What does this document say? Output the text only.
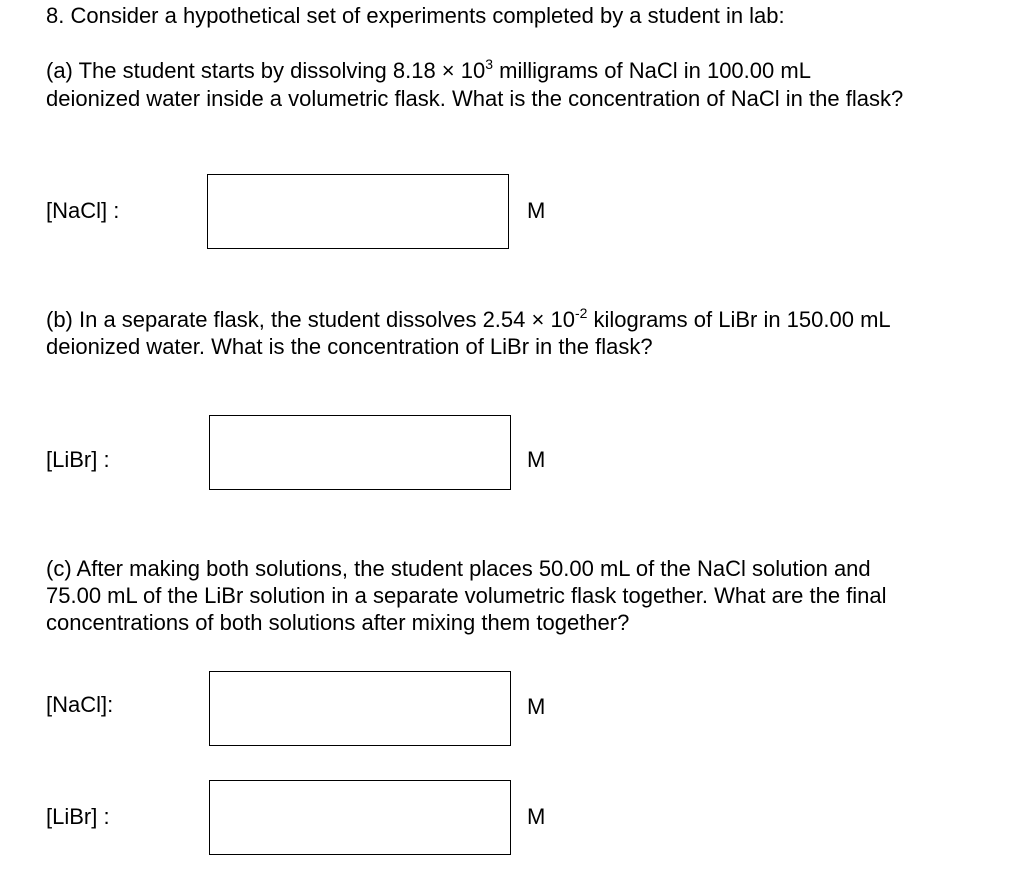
8. Consider a hypothetical set of experiments completed by a student in lab:
(a) The student starts by dissolving $8.18 \times 10^3$ milligrams of NaCl in 100.00 mL
deionized water inside a volumetric flask. What is the concentration of NaCl in the flask?
[NaCl] :	M
(b) In a separate flask, the student dissolves $2.54 \times 10^{-2}$ kilograms of LiBr in 150.00 mL
deionized water. What is the concentration of LiBr in the flask?
[LiBr] :	M
(c) After making both solutions, the student places 50.00 mL of the NaCl solution and
75.00 mL of the LiBr solution in a separate volumetric flask together. What are the final
concentrations of both solutions after mixing them together?
[NaCl]:	M
[LiBr] :	M
